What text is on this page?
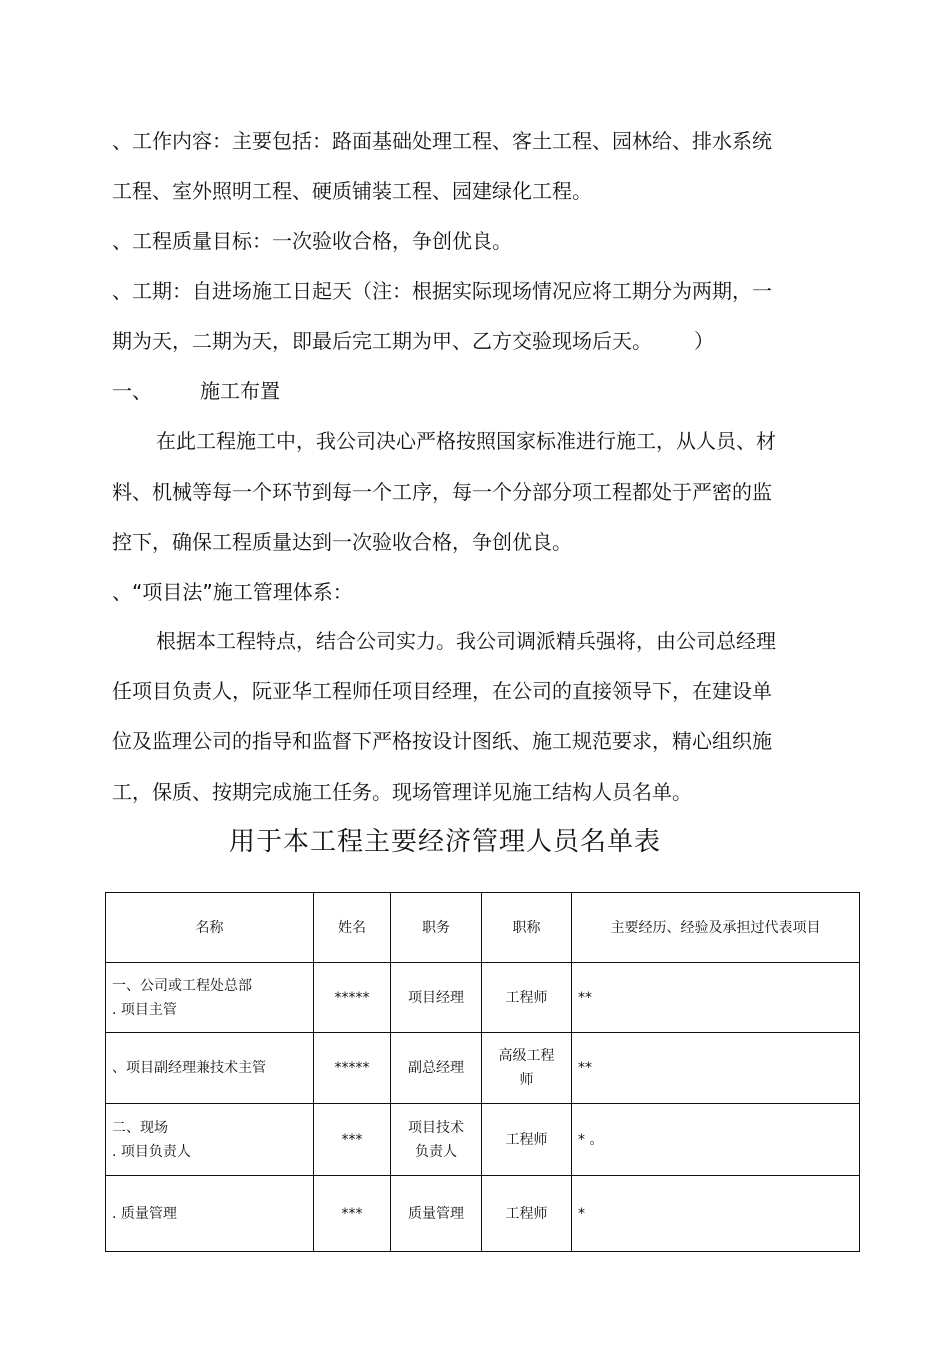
、工作内容：主要包括：路面基础处理工程、客土工程、园林给、排水系统
工程、室外照明工程、硬质铺装工程、园建绿化工程。
、工程质量目标：一次验收合格，争创优良。
、工期：自进场施工日起天（注：根据实际现场情况应将工期分为两期，一
期为天，二期为天，即最后完工期为甲、乙方交验现场后天。 ）
一、 施工布置
在此工程施工中，我公司决心严格按照国家标准进行施工，从人员、材
料、机械等每一个环节到每一个工序，每一个分部分项工程都处于严密的监
控下，确保工程质量达到一次验收合格，争创优良。
、“项目法”施工管理体系：
根据本工程特点，结合公司实力。我公司调派精兵强将，由公司总经理
任项目负责人，阮亚华工程师任项目经理，在公司的直接领导下，在建设单
位及监理公司的指导和监督下严格按设计图纸、施工规范要求，精心组织施
工，保质、按期完成施工任务。现场管理详见施工结构人员名单。
用于本工程主要经济管理人员名单表
名称	姓名	职务	职称	主要经历、经验及承担过代表项目

一、公司或工程处总部
. 项目主管	*****	项目经理	工程师	**
、项目副经理兼技术主管	*****	副总经理	高级工程
师	**

二、现场
. 项目负责人	***	项目技术
负责人	工程师	* 。
. 质量管理	***	质量管理	工程师	*
